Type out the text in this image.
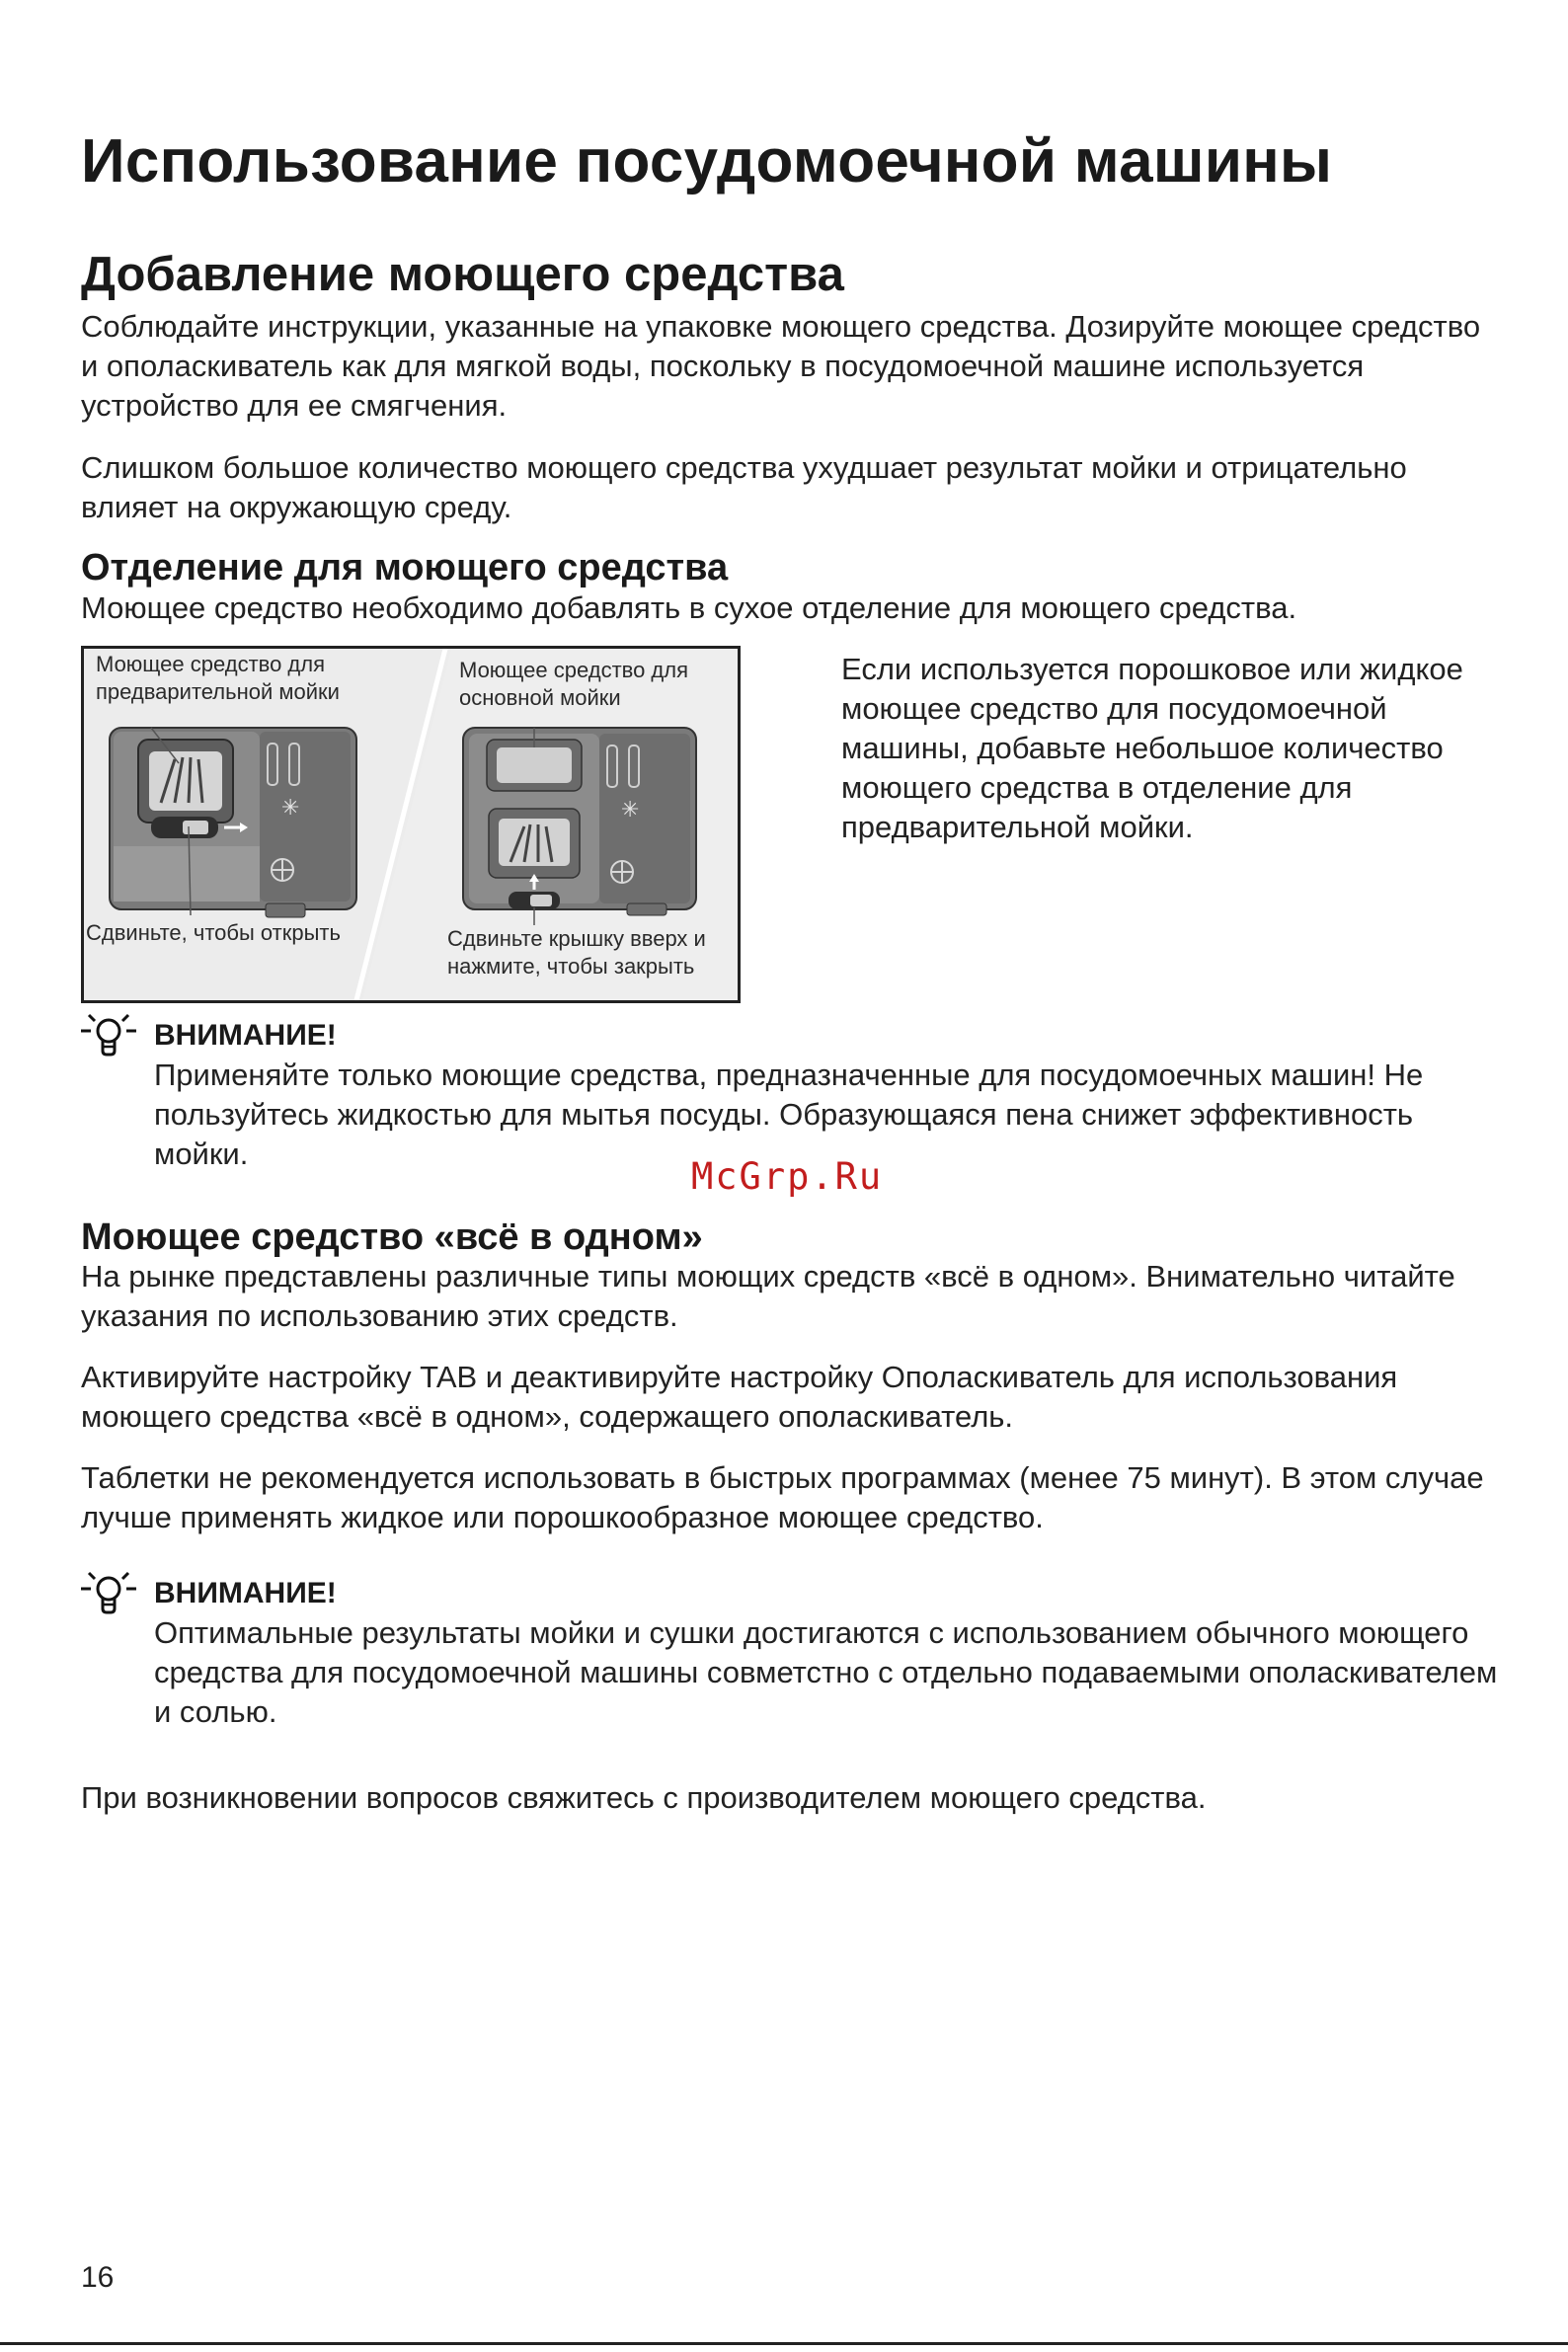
Использование посудомоечной машины
Добавление моющего средства

Соблюдайте инструкции, указанные на упаковке моющего средства. Дозируйте моющее средство и ополаскиватель как для мягкой воды, поскольку в посудомоечной машине используется устройство для ее смягчения.

Слишком большое количество моющего средства ухудшает результат мойки и отрицательно влияет на окружающую среду.

Отделение для моющего средства

Моющее средство необходимо добавлять в сухое отделение для моющего средства.

✳	✳

Моющее средство для предварительной мойки

Моющее средство для основной мойки

Сдвиньте, чтобы открыть	Сдвиньте крышку вверх и нажмите, чтобы закрыть

Если используется порошковое или жидкое моющее средство для посудомоечной машины, добавьте небольшое количество моющего средства в отделение для предварительной мойки.

ВНИМАНИЕ!

Применяйте только моющие средства, предназначенные для посудомоечных машин! Не пользуйтесь жидкостью для мытья посуды. Образующаяся пена снижет эффективность мойки.

McGrp.Ru
Моющее средство «всё в одном»

На рынке представлены различные типы моющих средств «всё в одном». Внимательно читайте указания по использованию этих средств.

Активируйте настройку TAB и деактивируйте настройку Ополаскиватель для использования моющего средства «всё в одном», содержащего ополаскиватель.

Таблетки не рекомендуется использовать в быстрых программах (менее 75 минут). В этом случае лучше применять жидкое или порошкообразное моющее средство.

ВНИМАНИЕ!

Оптимальные результаты мойки и сушки достигаются с использованием обычного моющего средства для посудомоечной машины совметстно с отдельно подаваемыми ополаскивателем и солью.

При возникновении вопросов свяжитесь с производителем моющего средства.

16
